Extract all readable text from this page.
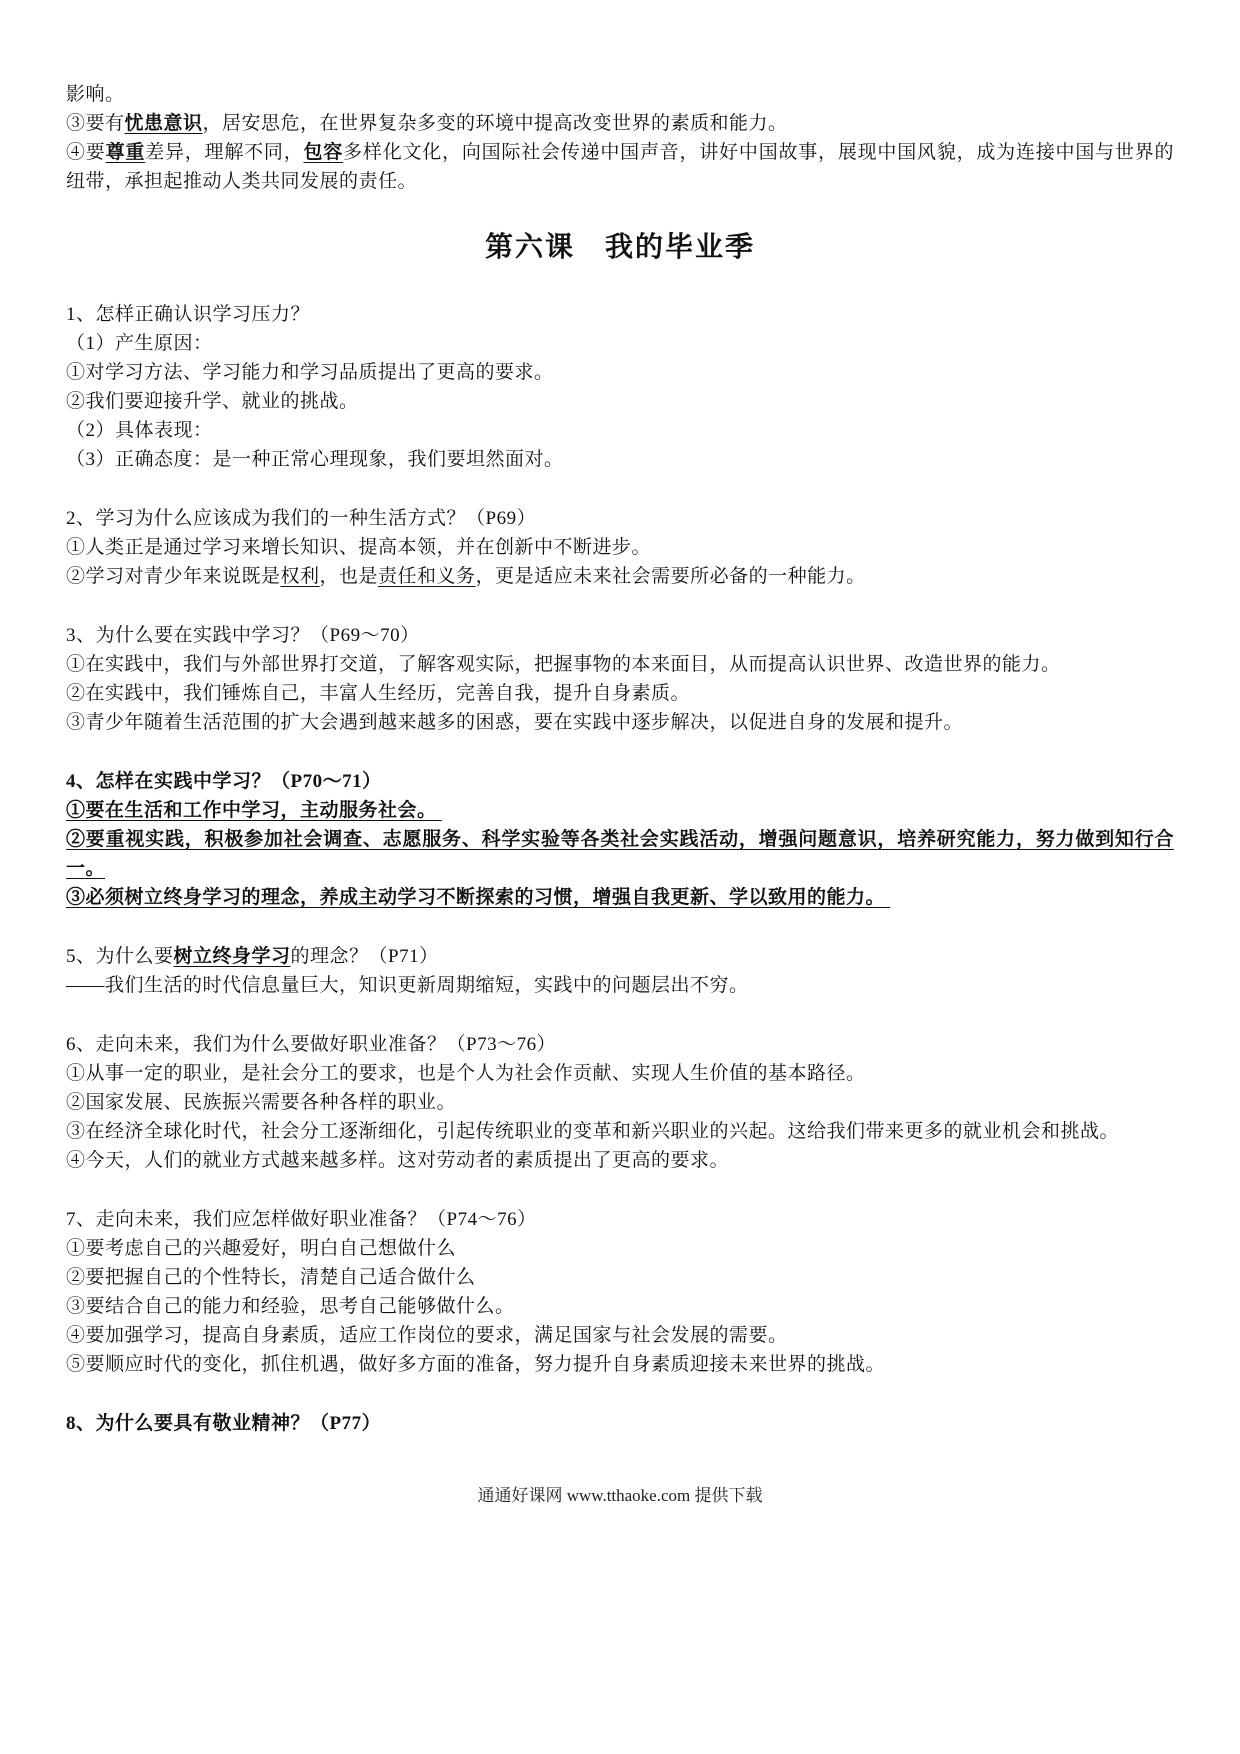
影响。

③要有忧患意识，居安思危，在世界复杂多变的环境中提高改变世界的素质和能力。

④要尊重差异，理解不同，包容多样化文化，向国际社会传递中国声音，讲好中国故事，展现中国风貌，成为连接中国与世界的纽带，承担起推动人类共同发展的责任。

第六课　我的毕业季

1、怎样正确认识学习压力？

（1）产生原因：

①对学习方法、学习能力和学习品质提出了更高的要求。

②我们要迎接升学、就业的挑战。

（2）具体表现：

（3）正确态度：是一种正常心理现象，我们要坦然面对。

2、学习为什么应该成为我们的一种生活方式？（P69）

①人类正是通过学习来增长知识、提高本领，并在创新中不断进步。

②学习对青少年来说既是权利，也是责任和义务，更是适应未来社会需要所必备的一种能力。

3、为什么要在实践中学习？（P69～70）

①在实践中，我们与外部世界打交道，了解客观实际，把握事物的本来面目，从而提高认识世界、改造世界的能力。

②在实践中，我们锤炼自己，丰富人生经历，完善自我，提升自身素质。

③青少年随着生活范围的扩大会遇到越来越多的困惑，要在实践中逐步解决，以促进自身的发展和提升。

4、怎样在实践中学习？（P70～71）

①要在生活和工作中学习，主动服务社会。

②要重视实践，积极参加社会调查、志愿服务、科学实验等各类社会实践活动，增强问题意识，培养研究能力，努力做到知行合一。

③必须树立终身学习的理念，养成主动学习不断探索的习惯，增强自我更新、学以致用的能力。

5、为什么要树立终身学习的理念？（P71）

——我们生活的时代信息量巨大，知识更新周期缩短，实践中的问题层出不穷。

6、走向未来，我们为什么要做好职业准备？（P73～76）

①从事一定的职业，是社会分工的要求，也是个人为社会作贡献、实现人生价值的基本路径。

②国家发展、民族振兴需要各种各样的职业。

③在经济全球化时代，社会分工逐渐细化，引起传统职业的变革和新兴职业的兴起。这给我们带来更多的就业机会和挑战。

④今天，人们的就业方式越来越多样。这对劳动者的素质提出了更高的要求。

7、走向未来，我们应怎样做好职业准备？（P74～76）

①要考虑自己的兴趣爱好，明白自己想做什么

②要把握自己的个性特长，清楚自己适合做什么

③要结合自己的能力和经验，思考自己能够做什么。

④要加强学习，提高自身素质，适应工作岗位的要求，满足国家与社会发展的需要。

⑤要顺应时代的变化，抓住机遇，做好多方面的准备，努力提升自身素质迎接未来世界的挑战。

8、为什么要具有敬业精神？（P77）

通通好课网 www.tthaoke.com 提供下载
